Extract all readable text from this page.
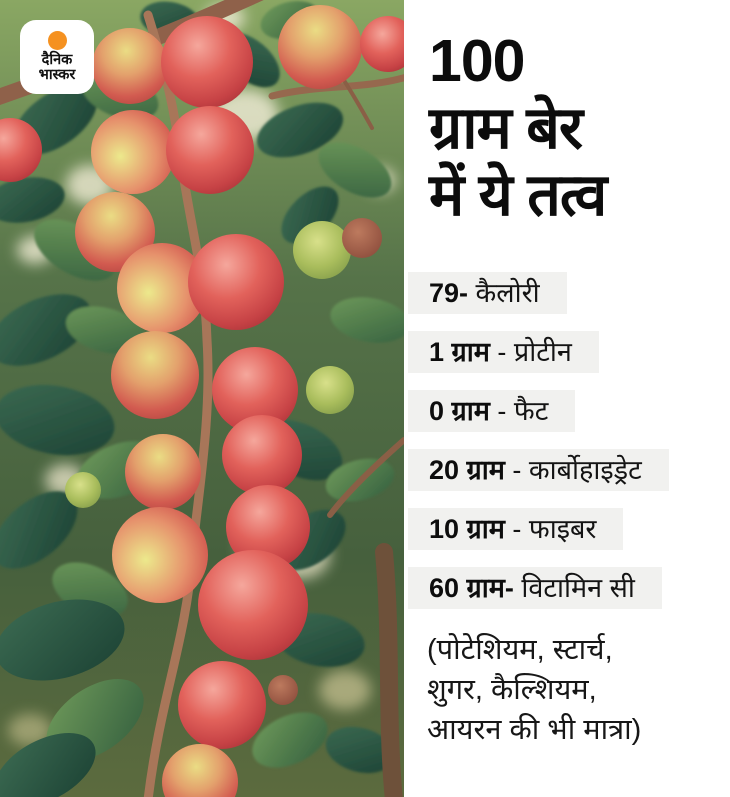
दैनिक
भास्कर	100
ग्राम बेर
में ये तत्व
79- कैलोरी
1 ग्राम - प्रोटीन
0 ग्राम - फैट
20 ग्राम - कार्बोहाइड्रेट
10 ग्राम - फाइबर
60 ग्राम- विटामिन सी
(पोटेशियम, स्टार्च,
शुगर, कैल्शियम,
आयरन की भी मात्रा)
